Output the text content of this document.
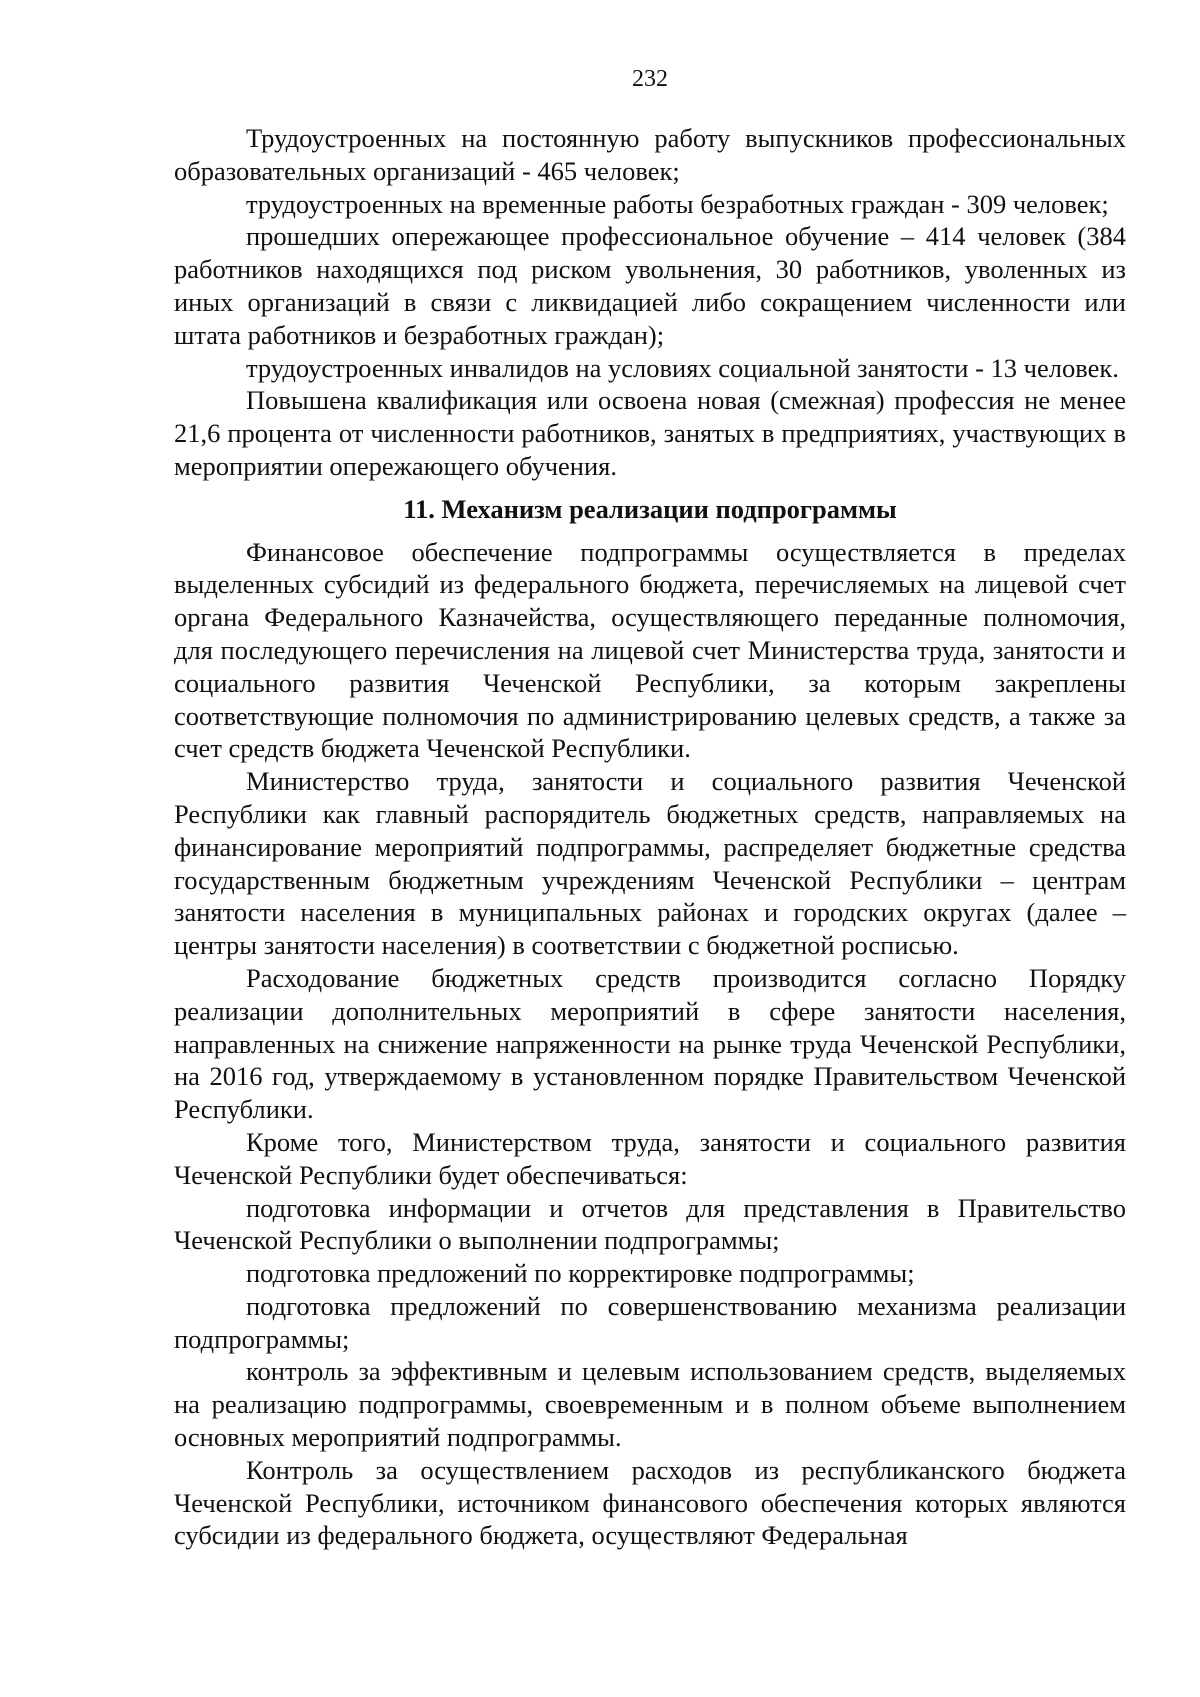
232

Трудоустроенных на постоянную работу выпускников профессиональных образовательных организаций - 465 человек;

трудоустроенных на временные работы безработных граждан - 309 человек;

прошедших опережающее профессиональное обучение – 414 человек (384 работников находящихся под риском увольнения, 30 работников, уволенных из иных организаций в связи с ликвидацией либо сокращением численности или штата работников и безработных граждан);

трудоустроенных инвалидов на условиях социальной занятости - 13 человек.

Повышена квалификация или освоена новая (смежная) профессия не менее 21,6 процента от численности работников, занятых в предприятиях, участвующих в мероприятии опережающего обучения.

11. Механизм реализации подпрограммы

Финансовое обеспечение подпрограммы осуществляется в пределах выделенных субсидий из федерального бюджета, перечисляемых на лицевой счет органа Федерального Казначейства, осуществляющего переданные полномочия, для последующего перечисления на лицевой счет Министерства труда, занятости и социального развития Чеченской Республики, за которым закреплены соответствующие полномочия по администрированию целевых средств, а также за счет средств бюджета Чеченской Республики.

Министерство труда, занятости и социального развития Чеченской Республики как главный распорядитель бюджетных средств, направляемых на финансирование мероприятий подпрограммы, распределяет бюджетные средства государственным бюджетным учреждениям Чеченской Республики – центрам занятости населения в муниципальных районах и городских округах (далее – центры занятости населения) в соответствии с бюджетной росписью.

Расходование бюджетных средств производится согласно Порядку реализации дополнительных мероприятий в сфере занятости населения, направленных на снижение напряженности на рынке труда Чеченской Республики, на 2016 год, утверждаемому в установленном порядке Правительством Чеченской Республики.

Кроме того, Министерством труда, занятости и социального развития Чеченской Республики будет обеспечиваться:

подготовка информации и отчетов для представления в Правительство Чеченской Республики о выполнении подпрограммы;

подготовка предложений по корректировке подпрограммы;

подготовка предложений по совершенствованию механизма реализации подпрограммы;

контроль за эффективным и целевым использованием средств, выделяемых на реализацию подпрограммы, своевременным и в полном объеме выполнением основных мероприятий подпрограммы.

Контроль за осуществлением расходов из республиканского бюджета Чеченской Республики, источником финансового обеспечения которых являются субсидии из федерального бюджета, осуществляют Федеральная
